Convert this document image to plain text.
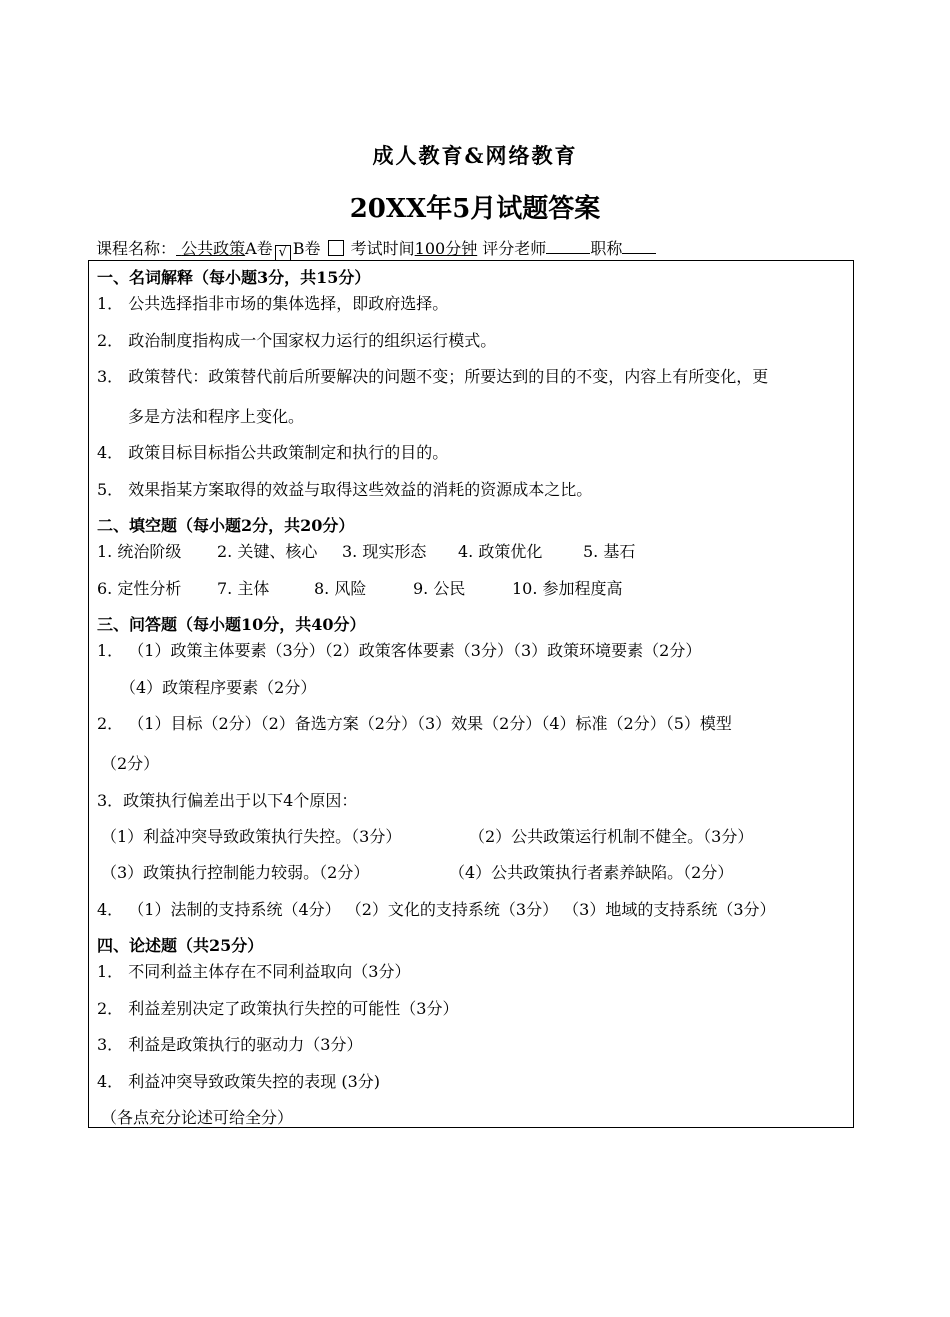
成人教育&网络教育
20XX年5月试题答案
课程名称： 公共政策A卷 √ B卷 考试时间100分钟 评分老师	职称
一、名词解释（每小题3分，共15分）
1． 公共选择指非市场的集体选择，即政府选择。
2． 政治制度指构成一个国家权力运行的组织运行模式。
3． 政策替代：政策替代前后所要解决的问题不变；所要达到的目的不变，内容上有所变化，更
多是方法和程序上变化。
4． 政策目标目标指公共政策制定和执行的目的。
5． 效果指某方案取得的效益与取得这些效益的消耗的资源成本之比。
二、填空题（每小题2分，共20分）
1. 统治阶级 2. 关键、核心 3. 现实形态 4. 政策优化	5. 基石
6. 定性分析 7. 主体	8. 风险	9. 公民	10. 参加程度高
三、问答题（每小题10分，共40分）
1． （1）政策主体要素（3分）（2）政策客体要素（3分）（3）政策环境要素（2分）
（4）政策程序要素（2分）
2． （1）目标（2分）（2）备选方案（2分）（3）效果（2分）（4）标准（2分）（5）模型
（2分）
3．政策执行偏差出于以下4个原因：
（1）利益冲突导致政策执行失控。（3分）	（2）公共政策运行机制不健全。（3分）
（3）政策执行控制能力较弱。（2分）	（4）公共政策执行者素养缺陷。（2分）
4． （1）法制的支持系统（4分） （2）文化的支持系统（3分） （3）地域的支持系统（3分）
四、论述题（共25分）
1． 不同利益主体存在不同利益取向（3分）
2． 利益差别决定了政策执行失控的可能性（3分）
3． 利益是政策执行的驱动力（3分）
4． 利益冲突导致政策失控的表现 (3分)
（各点充分论述可给全分）
